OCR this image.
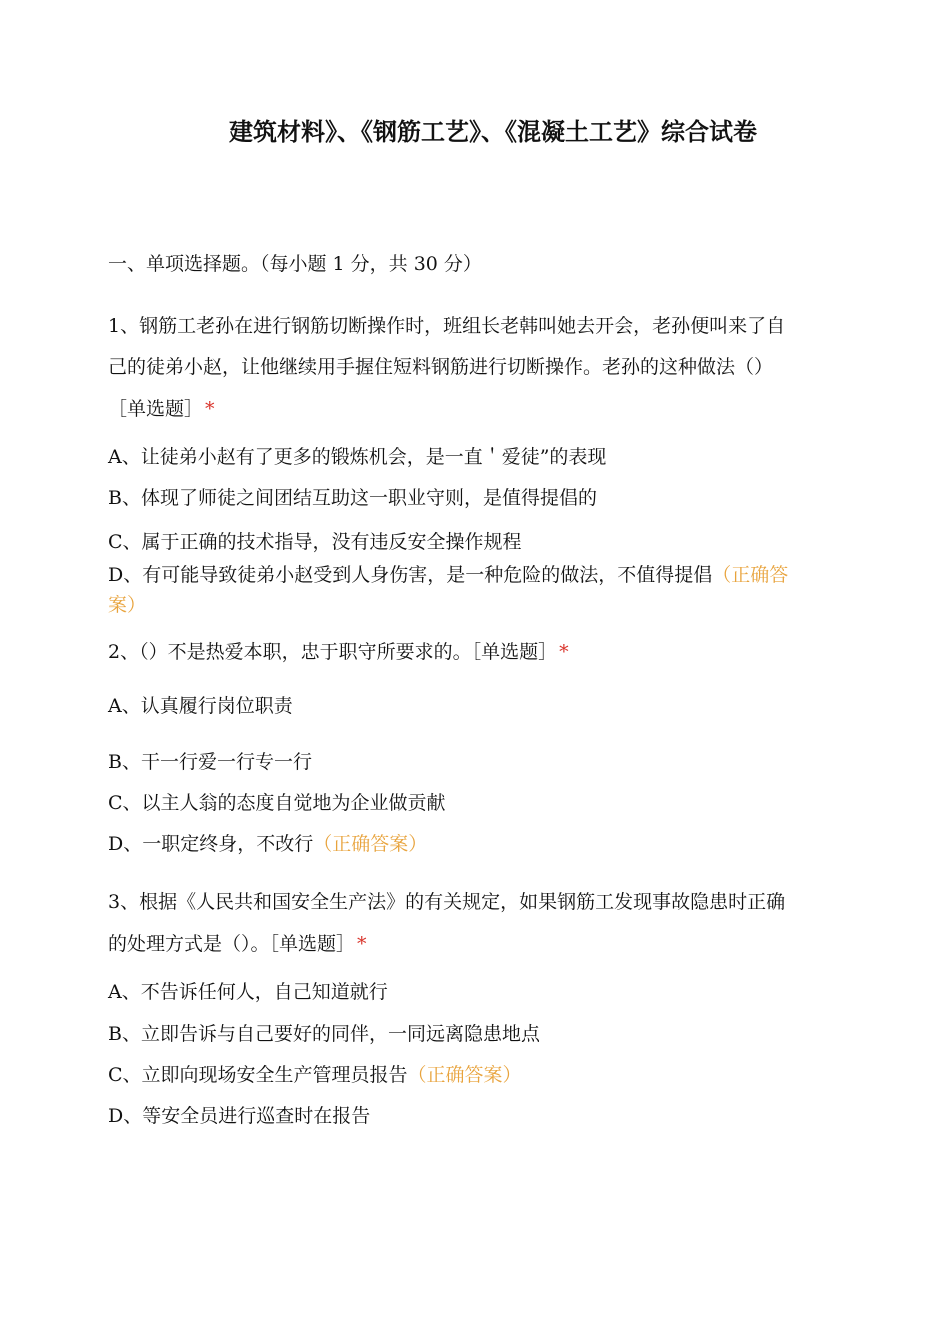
建筑材料》、《钢筋工艺》、《混凝土工艺》综合试卷
一、单项选择题。（每小题 1 分，共 30 分）
1、钢筋工老孙在进行钢筋切断操作时，班组长老韩叫她去开会，老孙便叫来了自
己的徒弟小赵，让他继续用手握住短料钢筋进行切断操作。老孙的这种做法（）
［单选题］ *
A、让徒弟小赵有了更多的锻炼机会，是一直＇爱徒”的表现
B、体现了师徒之间团结互助这一职业守则，是值得提倡的
C、属于正确的技术指导，没有违反安全操作规程
D、有可能导致徒弟小赵受到人身伤害，是一种危险的做法，不值得提倡（正确答
案）
2、（）不是热爱本职，忠于职守所要求的。［单选题］ *
A、认真履行岗位职责
B、干一行爱一行专一行
C、以主人翁的态度自觉地为企业做贡献
D、一职定终身，不改行（正确答案）
3、根据《人民共和国安全生产法》的有关规定，如果钢筋工发现事故隐患时正确
的处理方式是（）。［单选题］ *
A、不告诉任何人，自己知道就行
B、立即告诉与自己要好的同伴，一同远离隐患地点
C、立即向现场安全生产管理员报告（正确答案）
D、等安全员进行巡查时在报告
